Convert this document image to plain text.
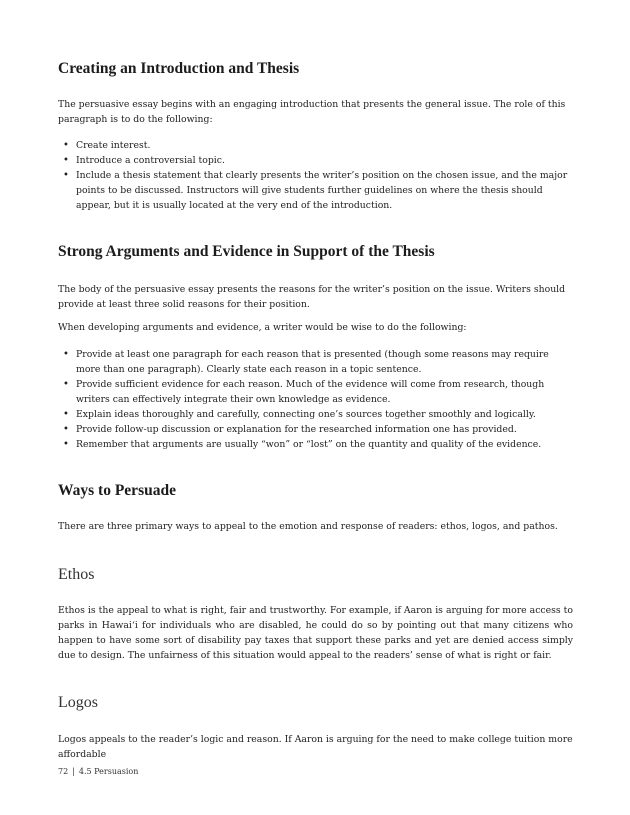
Creating an Introduction and Thesis

The persuasive essay begins with an engaging introduction that presents the general issue. The role of this paragraph is to do the following:

• Create interest.
• Introduce a controversial topic.
• Include a thesis statement that clearly presents the writer’s position on the chosen issue, and the major points to be discussed. Instructors will give students further guidelines on where the thesis should appear, but it is usually located at the very end of the introduction.
Strong Arguments and Evidence in Support of the Thesis

The body of the persuasive essay presents the reasons for the writer’s position on the issue. Writers should provide at least three solid reasons for their position.

When developing arguments and evidence, a writer would be wise to do the following:

• Provide at least one paragraph for each reason that is presented (though some reasons may require more than one paragraph). Clearly state each reason in a topic sentence.
• Provide sufficient evidence for each reason. Much of the evidence will come from research, though writers can effectively integrate their own knowledge as evidence.
• Explain ideas thoroughly and carefully, connecting one’s sources together smoothly and logically.
• Provide follow-up discussion or explanation for the researched information one has provided.
• Remember that arguments are usually “won” or “lost” on the quantity and quality of the evidence.
Ways to Persuade

There are three primary ways to appeal to the emotion and response of readers: ethos, logos, and pathos.

Ethos

Ethos is the appeal to what is right, fair and trustworthy. For example, if Aaron is arguing for more access to parks in Hawaiʻi for individuals who are disabled, he could do so by pointing out that many citizens who happen to have some sort of disability pay taxes that support these parks and yet are denied access simply due to design. The unfairness of this situation would appeal to the readers’ sense of what is right or fair.

Logos

Logos appeals to the reader’s logic and reason. If Aaron is arguing for the need to make college tuition more affordable

72 | 4.5 Persuasion
